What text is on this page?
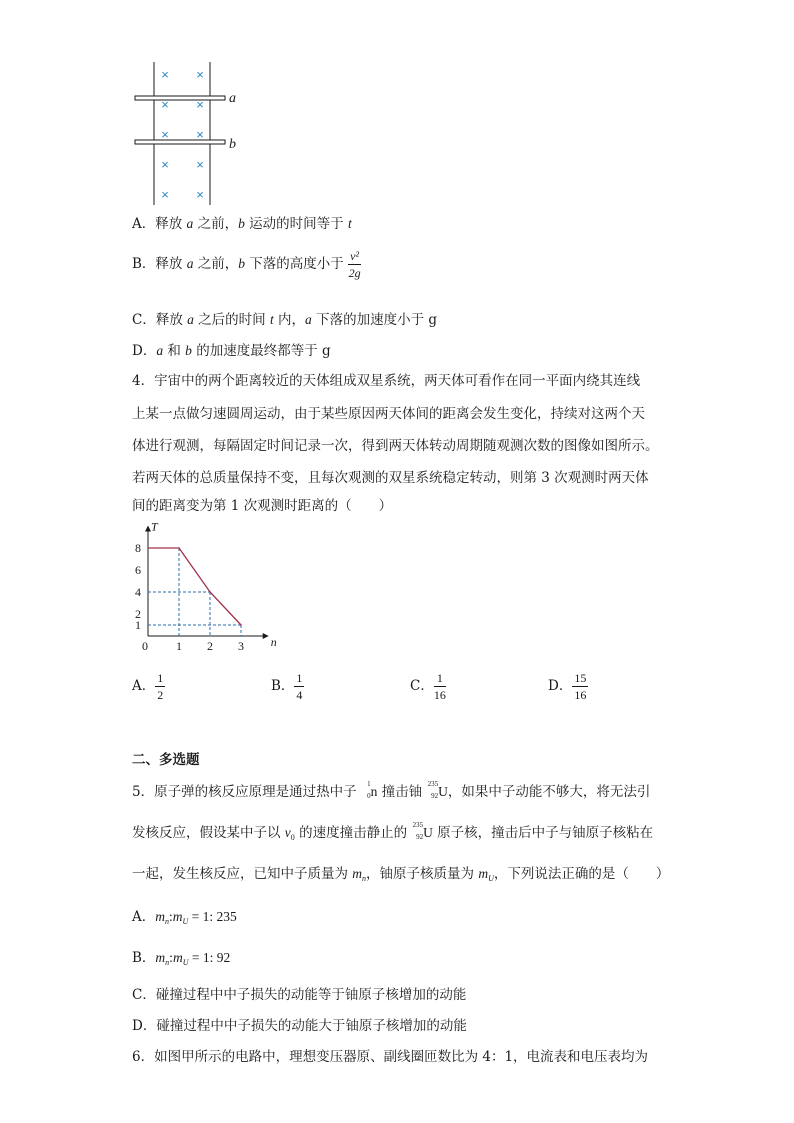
× ×
× ×
× ×
× ×
× ×
a
b
A．释放 a 之前，b 运动的时间等于 t
B．释放 a 之前，b 下落的高度小于 $\frac{\text{v²}}{2g}$
C．释放 a 之后的时间 t 内，a 下落的加速度小于 g
D．a 和 b 的加速度最终都等于 g
4．宇宙中的两个距离较近的天体组成双星系统，两天体可看作在同一平面内绕其连线
上某一点做匀速圆周运动，由于某些原因两天体间的距离会发生变化，持续对这两个天
体进行观测，每隔固定时间记录一次，得到两天体转动周期随观测次数的图像如图所示。
若两天体的总质量保持不变，且每次观测的双星系统稳定转动，则第 3 次观测时两天体
间的距离变为第 1 次观测时距离的（　　）
n
T
0 1 2 3
1
2
4
6
8
A． $\frac{1}{2}$	B． $\frac{1}{4}$	C． $\frac{1}{16}$	D． $\frac{15}{16}$
二、多选题
5．原子弹的核反应原理是通过热中子 1
0 n 撞击铀 235
92 U，如果中子动能不够大，将无法引
发核反应，假设某中子以 $v_0$ 的速度撞击静止的 235
92 U 原子核，撞击后中子与铀原子核粘在
一起，发生核反应，已知中子质量为 $m_n$，铀原子核质量为 $m_U$，下列说法正确的是（　　）
A．$m_n:m_U = 1$: 235
B．$m_n:m_U = 1$: 92
C．碰撞过程中中子损失的动能等于铀原子核增加的动能
D．碰撞过程中中子损失的动能大于铀原子核增加的动能
6．如图甲所示的电路中，理想变压器原、副线圈匝数比为 4：1，电流表和电压表均为
